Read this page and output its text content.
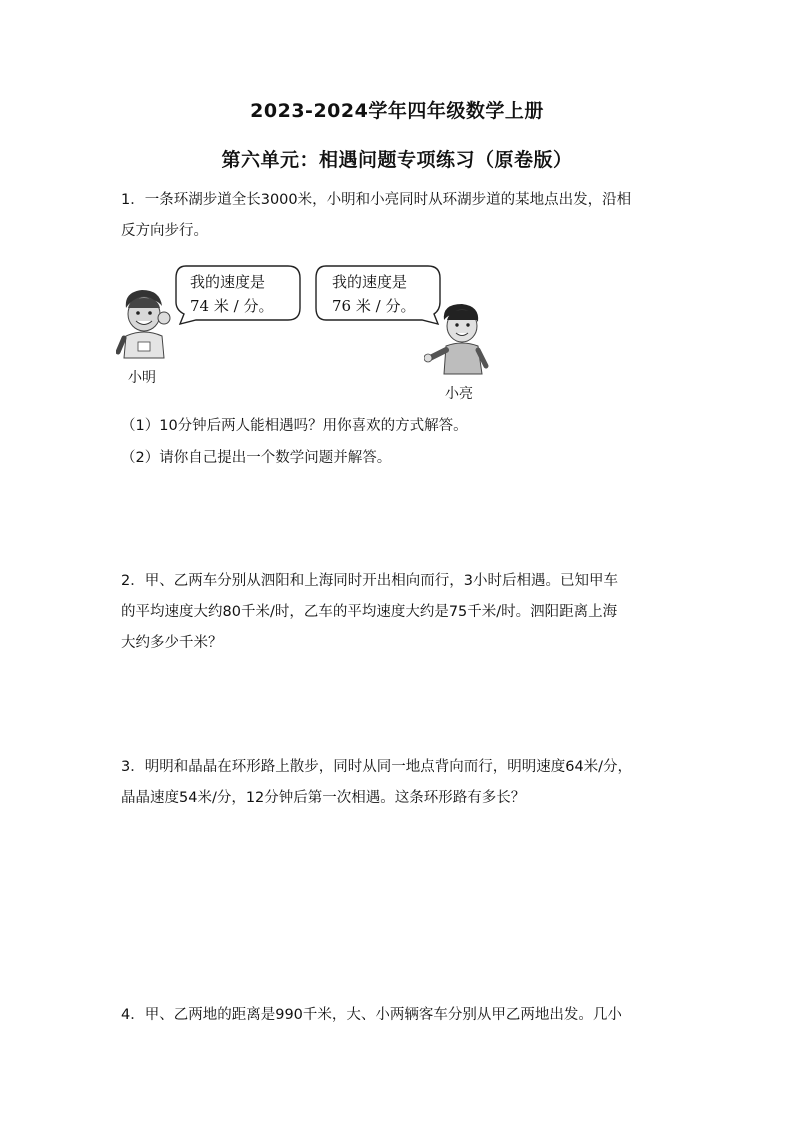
2023-2024学年四年级数学上册
第六单元：相遇问题专项练习（原卷版）
1．一条环湖步道全长3000米，小明和小亮同时从环湖步道的某地点出发，沿相
反方向步行。
我的速度是
74 米 / 分。
我的速度是
76 米 / 分。
小明
小亮
（1）10分钟后两人能相遇吗？用你喜欢的方式解答。
（2）请你自己提出一个数学问题并解答。
2．甲、乙两车分别从泗阳和上海同时开出相向而行，3小时后相遇。已知甲车
的平均速度大约80千米/时，乙车的平均速度大约是75千米/时。泗阳距离上海
大约多少千米？
3．明明和晶晶在环形路上散步，同时从同一地点背向而行，明明速度64米/分，
晶晶速度54米/分，12分钟后第一次相遇。这条环形路有多长？
4．甲、乙两地的距离是990千米，大、小两辆客车分别从甲乙两地出发。几小
